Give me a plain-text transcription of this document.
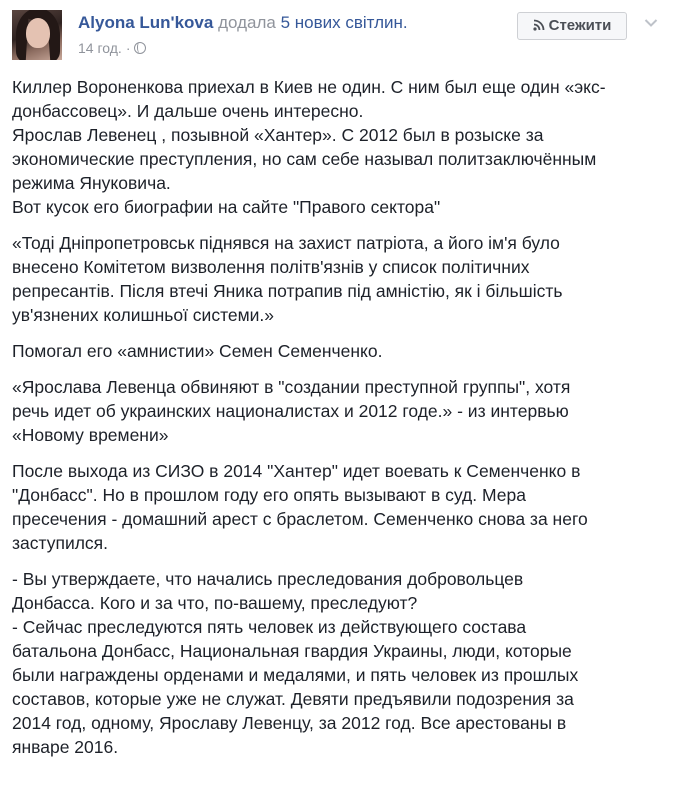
Alyona Lun'kova додала 5 нових світлин.
14 год. ·
Стежити

Киллер Вороненкова приехал в Киев не один. С ним был еще один «экс-
донбассовец». И дальше очень интересно.
Ярослав Левенец , позывной «Хантер». С 2012 был в розыске за
экономические преступления, но сам себе называл политзаключённым
режима Януковича.
Вот кусок его биографии на сайте "Правого сектора"

«Тоді Дніпропетровськ піднявся на захист патріота, а його ім'я було
внесено Комітетом визволення політв'язнів у список політичних
репресантів. Після втечі Яника потрапив під амністію, як і більшість
ув'язнених колишньої системи.»

Помогал его «амнистии» Семен Семенченко.

«Ярослава Левенца обвиняют в "создании преступной группы", хотя
речь идет об украинских националистах и 2012 годе.» - из интервью
«Новому времени»

После выхода из СИЗО в 2014 "Хантер" идет воевать к Семенченко в
"Донбасс". Но в прошлом году его опять вызывают в суд. Мера
пресечения - домашний арест с браслетом. Семенченко снова за него
заступился.

- Вы утверждаете, что начались преследования добровольцев
Донбасса. Кого и за что, по-вашему, преследуют?
- Сейчас преследуются пять человек из действующего состава
батальона Донбасс, Национальная гвардия Украины, люди, которые
были награждены орденами и медалями, и пять человек из прошлых
составов, которые уже не служат. Девяти предъявили подозрения за
2014 год, одному, Ярославу Левенцу, за 2012 год. Все арестованы в
январе 2016.
